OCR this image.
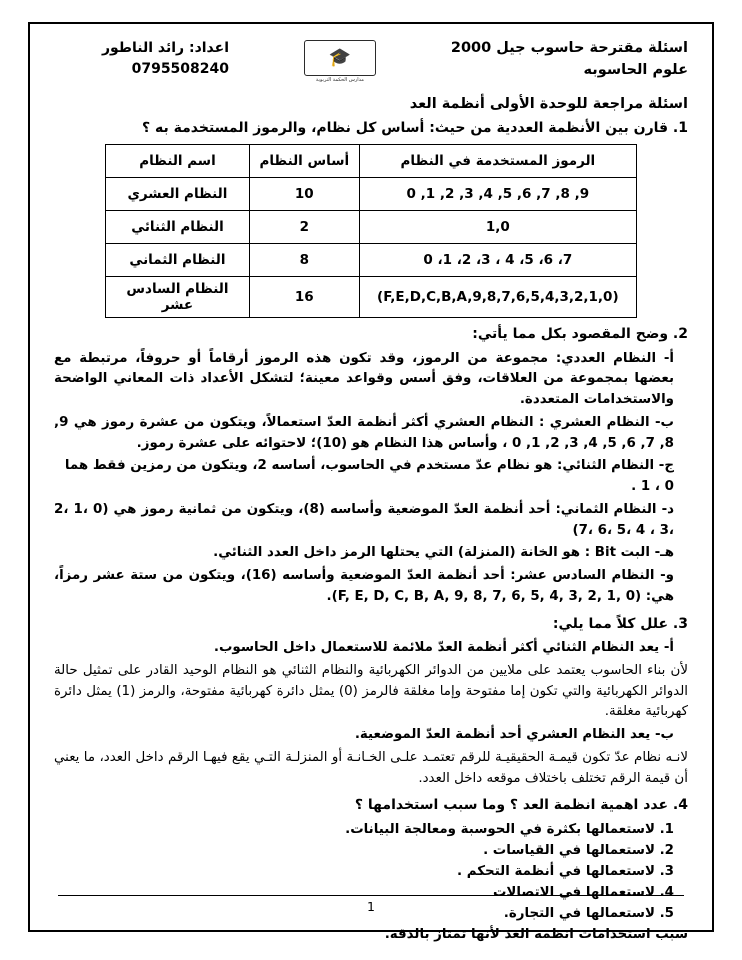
اسئلة مقترحة حاسوب جيل 2000
علوم الحاسوبه
🎓
مدارس الحكمة التربوية
اعداد: رائد الناطور
0795508240
اسئلة مراجعة للوحدة الأولى أنظمة العد
1. قارن بين الأنظمة العددية من حيث: أساس كل نظام، والرموز المستخدمة به ؟
الرموز المستخدمة في النظام	أساس النظام	اسم النظام
9, 8, 7, 6, 5, 4, 3, 2, 1, 0	10	النظام العشري
1,0	2	النظام الثنائي
7، 6، 5، 4 ، 3، 2، 1، 0	8	النظام الثماني
(F,E,D,C,B,A,9,8,7,6,5,4,3,2,1,0)	16	النظام السادس عشر
2. وضح المقصود بكل مما يأتي:
أ- النظام العددي: مجموعة من الرموز، وقد تكون هذه الرموز أرقاماً أو حروفاً، مرتبطة مع بعضها بمجموعة من العلاقات، وفق أسس وقواعد معينة؛ لتشكل الأعداد ذات المعاني الواضحة والاستخدامات المتعددة.
ب- النظام العشري : النظام العشري أكثر أنظمة العدّ استعمالاً، ويتكون من عشرة رموز هي 9, 8, 7, 6, 5, 4, 3, 2, 1, 0 ، وأساس هذا النظام هو (10)؛ لاحتوائه على عشرة رموز.
ج- النظام الثنائي: هو نظام عدّ مستخدم في الحاسوب، أساسه 2، ويتكون من رمزين فقط هما 0 ، 1 .
د- النظام الثماني: أحد أنظمة العدّ الموضعية وأساسه (8)، ويتكون من ثمانية رموز هي (0 ،1 ،2 ،3 ، 4 ،5 ،6 ،7)
هـ- البت Bit : هو الخانة (المنزلة) التي يحتلها الرمز داخل العدد الثنائي.
و- النظام السادس عشر: أحد أنظمة العدّ الموضعية وأساسه (16)، ويتكون من ستة عشر رمزاً، هي: (F, E, D, C, B, A, 9, 8, 7, 6, 5, 4, 3, 2, 1, 0).
3. علل كلاً مما يلي:
أ- يعد النظام الثنائي أكثر أنظمة العدّ ملائمة للاستعمال داخل الحاسوب.
لأن بناء الحاسوب يعتمد على ملايين من الدوائر الكهربائية والنظام الثنائي هو النظام الوحيد القادر على تمثيل حالة الدوائر الكهربائية والتي تكون إما مفتوحة وإما مغلقة فالرمز (0) يمثل دائرة كهربائية مفتوحة، والرمز (1) يمثل دائرة كهربائية مغلقة.
ب- يعد النظام العشري أحد أنظمة العدّ الموضعية.
لانـه نظام عدّ تكون قيمـة الحقيقيـة للرقم تعتمـد علـى الخـانـة أو المنزلـة التـي يقع فيهـا الرقم داخل العدد، ما يعني أن قيمة الرقم تختلف باختلاف موقعه داخل العدد.
4. عدد اهمية انظمة العد ؟ وما سبب استخدامها ؟
1. لاستعمالها بكثرة في الحوسبة ومعالجة البيانات.
2. لاستعمالها في القياسات .
3. لاستعمالها في أنظمة التحكم .
4. لاستعمالها في الاتصالات
5. لاستعمالها في التجارة.
سبب استخدامات انظمة العد لأنها تمتاز بالدقة.
1
